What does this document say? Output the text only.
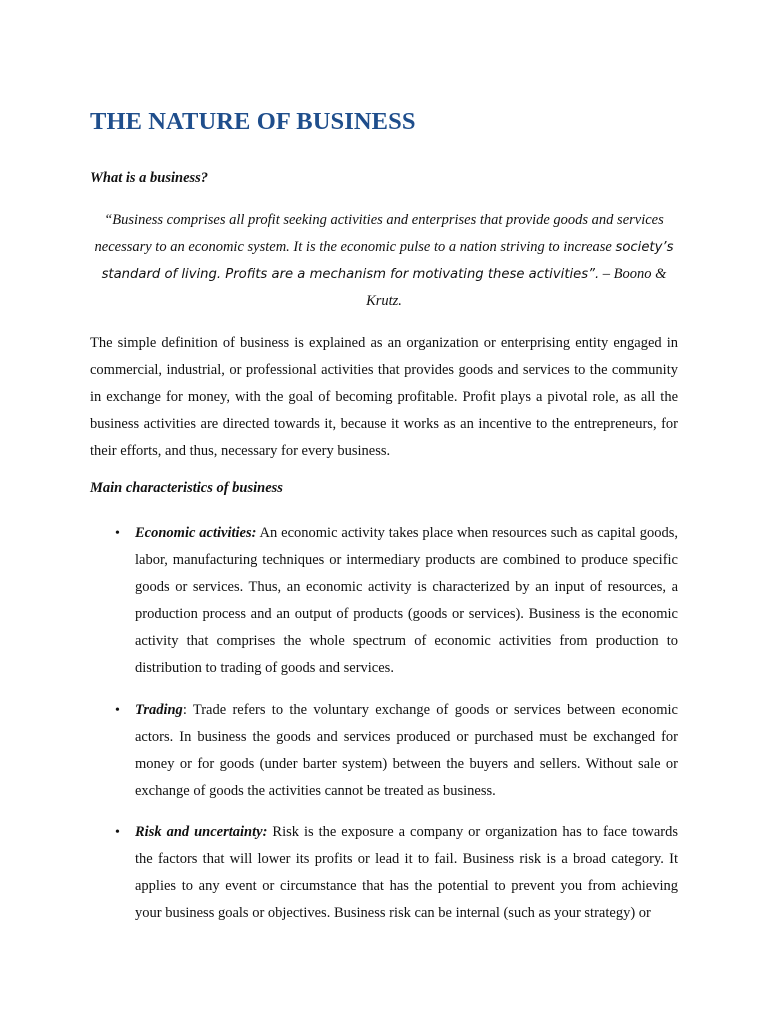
THE NATURE OF BUSINESS
What is a business?
“Business comprises all profit seeking activities and enterprises that provide goods and services necessary to an economic system. It is the economic pulse to a nation striving to increase society’s standard of living. Profits are a mechanism for motivating these activities”. – Boono & Krutz.
The simple definition of business is explained as an organization or enterprising entity engaged in commercial, industrial, or professional activities that provides goods and services to the community in exchange for money, with the goal of becoming profitable. Profit plays a pivotal role, as all the business activities are directed towards it, because it works as an incentive to the entrepreneurs, for their efforts, and thus, necessary for every business.
Main characteristics of business
• Economic activities: An economic activity takes place when resources such as capital goods, labor, manufacturing techniques or intermediary products are combined to produce specific goods or services. Thus, an economic activity is characterized by an input of resources, a production process and an output of products (goods or services). Business is the economic activity that comprises the whole spectrum of economic activities from production to distribution to trading of goods and services.
• Trading: Trade refers to the voluntary exchange of goods or services between economic actors. In business the goods and services produced or purchased must be exchanged for money or for goods (under barter system) between the buyers and sellers. Without sale or exchange of goods the activities cannot be treated as business.
• Risk and uncertainty: Risk is the exposure a company or organization has to face towards the factors that will lower its profits or lead it to fail. Business risk is a broad category. It applies to any event or circumstance that has the potential to prevent you from achieving your business goals or objectives. Business risk can be internal (such as your strategy) or
